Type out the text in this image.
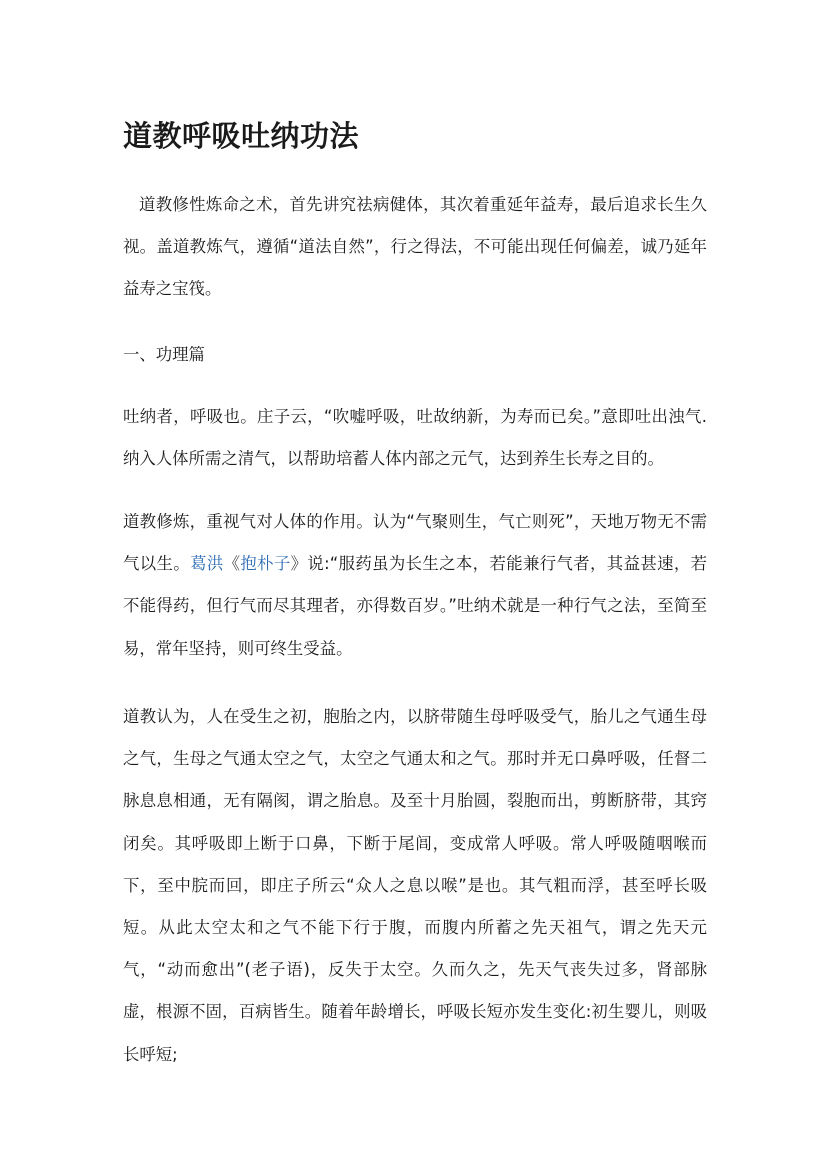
道教呼吸吐纳功法

道教修性炼命之术，首先讲究祛病健体，其次着重延年益寿，最后追求长生久视。盖道教炼气，遵循“道法自然”，行之得法，不可能出现任何偏差，诚乃延年益寿之宝筏。

一、功理篇

吐纳者，呼吸也。庄子云，“吹嘘呼吸，吐故纳新，为寿而已矣。”意即吐出浊气.纳入人体所需之清气，以帮助培蓄人体内部之元气，达到养生长寿之目的。

道教修炼，重视气对人体的作用。认为“气聚则生，气亡则死”，天地万物无不需气以生。葛洪《抱朴子》说:“服药虽为长生之本，若能兼行气者，其益甚速，若不能得药，但行气而尽其理者，亦得数百岁。”吐纳术就是一种行气之法，至简至易，常年坚持，则可终生受益。

道教认为，人在受生之初，胞胎之内，以脐带随生母呼吸受气，胎儿之气通生母之气，生母之气通太空之气，太空之气通太和之气。那时并无口鼻呼吸，任督二脉息息相通，无有隔阂，谓之胎息。及至十月胎圆，裂胞而出，剪断脐带，其窍闭矣。其呼吸即上断于口鼻，下断于尾闾，变成常人呼吸。常人呼吸随咽喉而下，至中脘而回，即庄子所云“众人之息以喉”是也。其气粗而浮，甚至呼长吸短。从此太空太和之气不能下行于腹，而腹内所蓄之先天祖气，谓之先天元气，“动而愈出”(老子语)，反失于太空。久而久之，先天气丧失过多，肾部脉虚，根源不固，百病皆生。随着年龄增长，呼吸长短亦发生变化:初生婴儿，则吸长呼短;
